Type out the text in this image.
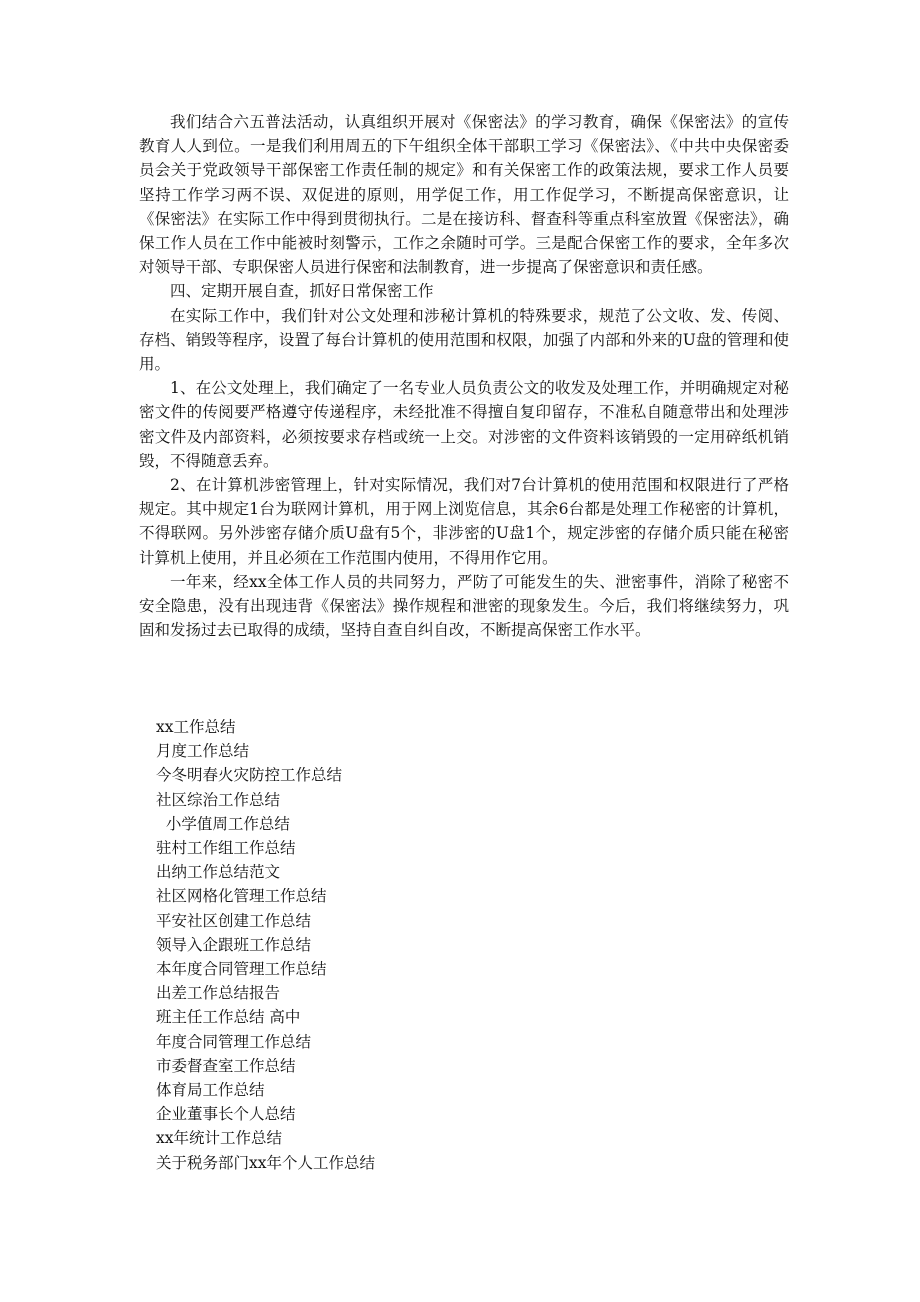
我们结合六五普法活动，认真组织开展对《保密法》的学习教育，确保《保密法》的宣传教育人人到位。一是我们利用周五的下午组织全体干部职工学习《保密法》、《中共中央保密委员会关于党政领导干部保密工作责任制的规定》和有关保密工作的政策法规，要求工作人员要坚持工作学习两不误、双促进的原则，用学促工作，用工作促学习，不断提高保密意识，让《保密法》在实际工作中得到贯彻执行。二是在接访科、督查科等重点科室放置《保密法》，确保工作人员在工作中能被时刻警示，工作之余随时可学。三是配合保密工作的要求，全年多次对领导干部、专职保密人员进行保密和法制教育，进一步提高了保密意识和责任感。

四、定期开展自查，抓好日常保密工作

在实际工作中，我们针对公文处理和涉秘计算机的特殊要求，规范了公文收、发、传阅、存档、销毁等程序，设置了每台计算机的使用范围和权限，加强了内部和外来的U盘的管理和使用。

1、在公文处理上，我们确定了一名专业人员负责公文的收发及处理工作，并明确规定对秘密文件的传阅要严格遵守传递程序，未经批准不得擅自复印留存，不准私自随意带出和处理涉密文件及内部资料，必须按要求存档或统一上交。对涉密的文件资料该销毁的一定用碎纸机销毁，不得随意丢弃。

2、在计算机涉密管理上，针对实际情况，我们对7台计算机的使用范围和权限进行了严格规定。其中规定1台为联网计算机，用于网上浏览信息，其余6台都是处理工作秘密的计算机，不得联网。另外涉密存储介质U盘有5个，非涉密的U盘1个，规定涉密的存储介质只能在秘密计算机上使用，并且必须在工作范围内使用，不得用作它用。

一年来，经xx全体工作人员的共同努力，严防了可能发生的失、泄密事件，消除了秘密不安全隐患，没有出现违背《保密法》操作规程和泄密的现象发生。今后，我们将继续努力，巩固和发扬过去已取得的成绩，坚持自查自纠自改，不断提高保密工作水平。

xx工作总结
月度工作总结
今冬明春火灾防控工作总结
社区综治工作总结
小学值周工作总结
驻村工作组工作总结
出纳工作总结范文
社区网格化管理工作总结
平安社区创建工作总结
领导入企跟班工作总结
本年度合同管理工作总结
出差工作总结报告
班主任工作总结 高中
年度合同管理工作总结
市委督查室工作总结
体育局工作总结
企业董事长个人总结
xx年统计工作总结
关于税务部门xx年个人工作总结
